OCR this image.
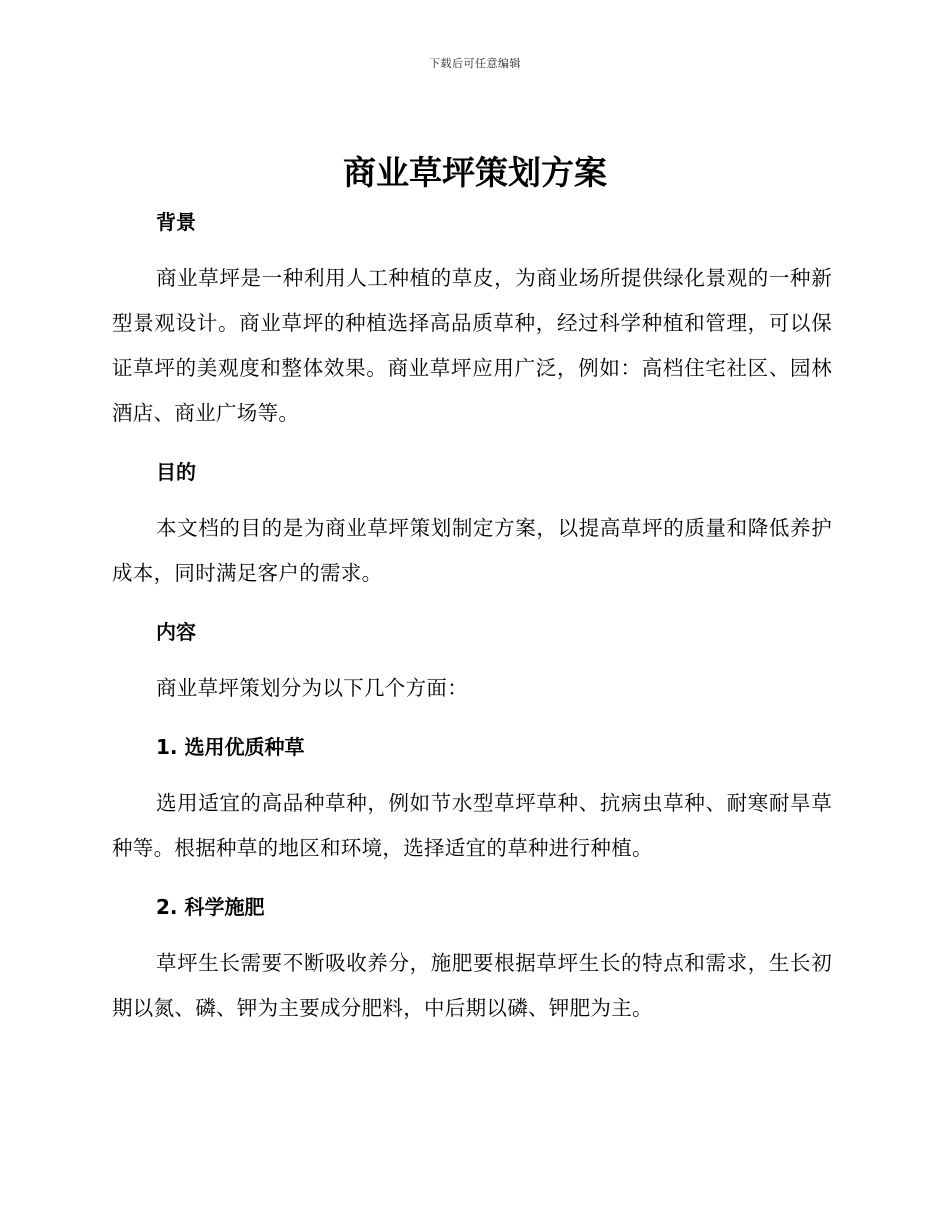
下载后可任意编辑
商业草坪策划方案
背景

商业草坪是一种利用人工种植的草皮，为商业场所提供绿化景观的一种新型景观设计。商业草坪的种植选择高品质草种，经过科学种植和管理，可以保证草坪的美观度和整体效果。商业草坪应用广泛，例如：高档住宅社区、园林酒店、商业广场等。

目的

本文档的目的是为商业草坪策划制定方案，以提高草坪的质量和降低养护成本，同时满足客户的需求。

内容

商业草坪策划分为以下几个方面：

1. 选用优质种草

选用适宜的高品种草种，例如节水型草坪草种、抗病虫草种、耐寒耐旱草种等。根据种草的地区和环境，选择适宜的草种进行种植。

2. 科学施肥

草坪生长需要不断吸收养分，施肥要根据草坪生长的特点和需求，生长初期以氮、磷、钾为主要成分肥料，中后期以磷、钾肥为主。
